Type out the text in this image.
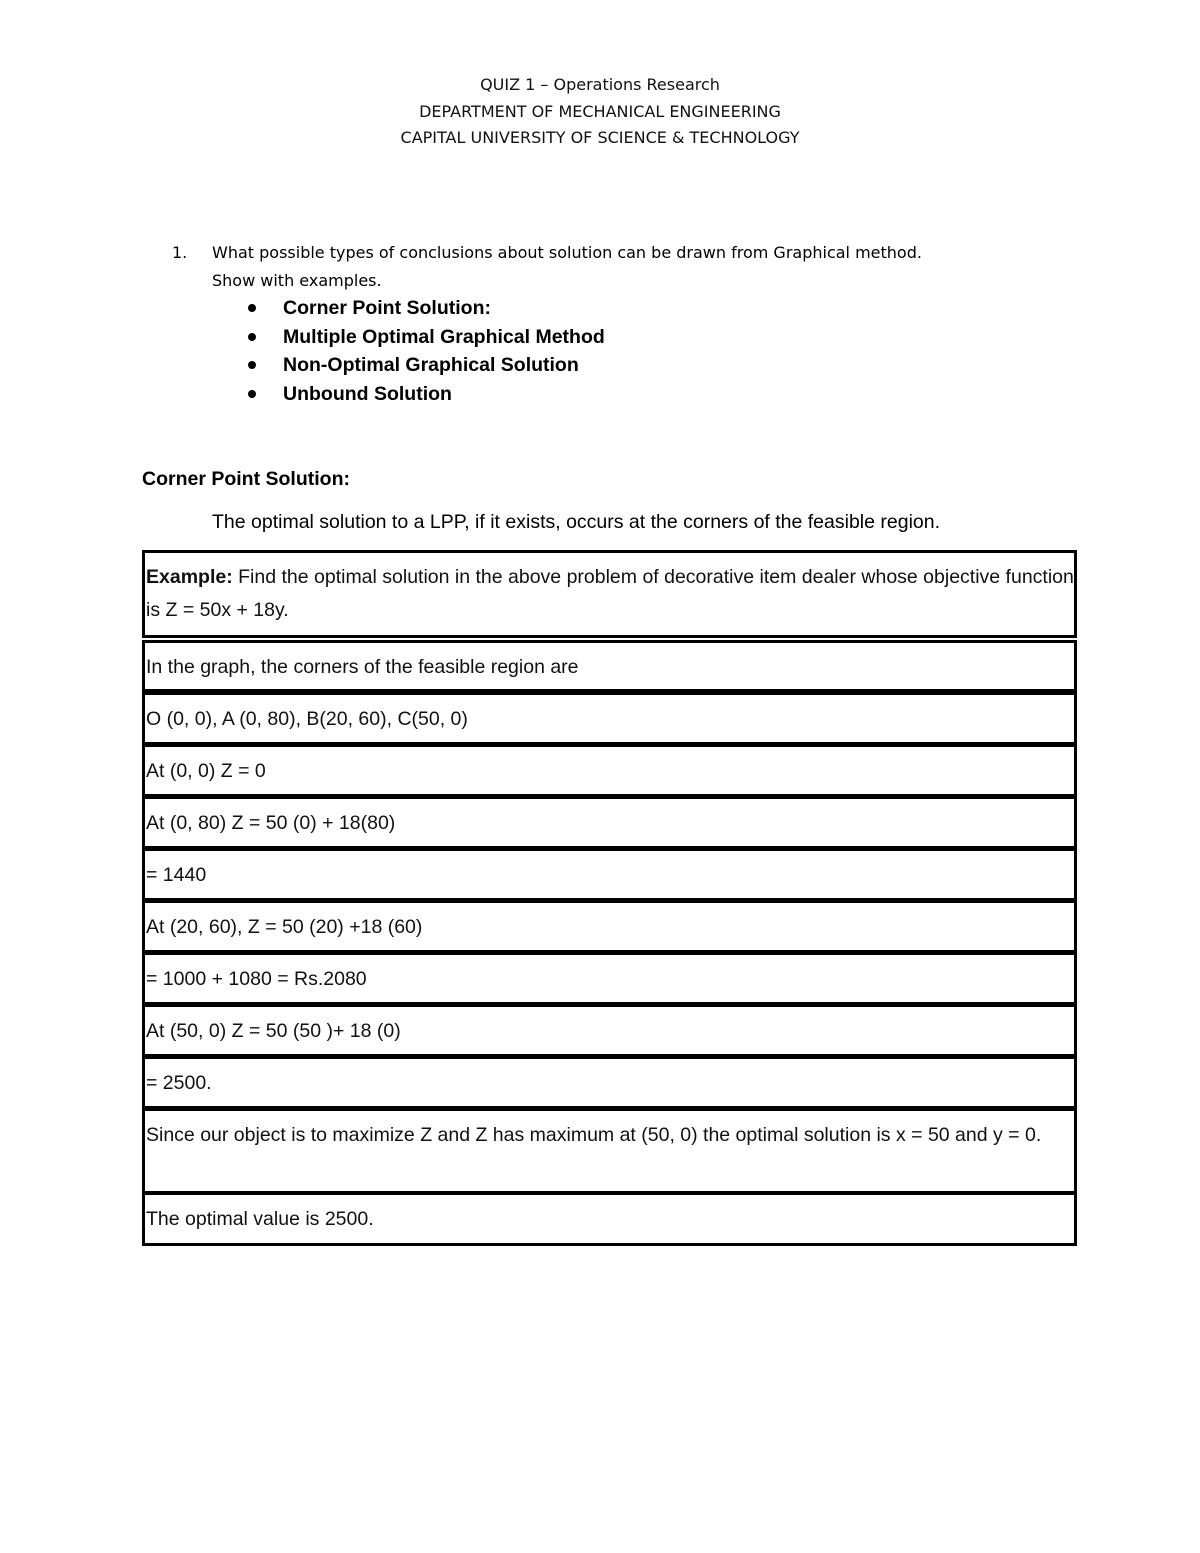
QUIZ 1 – Operations Research
DEPARTMENT OF MECHANICAL ENGINEERING
CAPITAL UNIVERSITY OF SCIENCE & TECHNOLOGY
1. What possible types of conclusions about solution can be drawn from Graphical method.
Show with examples.
Corner Point Solution:
Multiple Optimal Graphical Method
Non-Optimal Graphical Solution
Unbound Solution
Corner Point Solution:
The optimal solution to a LPP, if it exists, occurs at the corners of the feasible region.
Example: Find the optimal solution in the above problem of decorative item dealer whose objective function is Z = 50x + 18y.
In the graph, the corners of the feasible region are
O (0, 0), A (0, 80), B(20, 60), C(50, 0)
At (0, 0) Z = 0
At (0, 80) Z = 50 (0) + 18(80)
= 1440
At (20, 60), Z = 50 (20) +18 (60)
= 1000 + 1080 = Rs.2080
At (50, 0) Z = 50 (50 )+ 18 (0)
= 2500.
Since our object is to maximize Z and Z has maximum at (50, 0) the optimal solution is x = 50 and y = 0.
The optimal value is 2500.
